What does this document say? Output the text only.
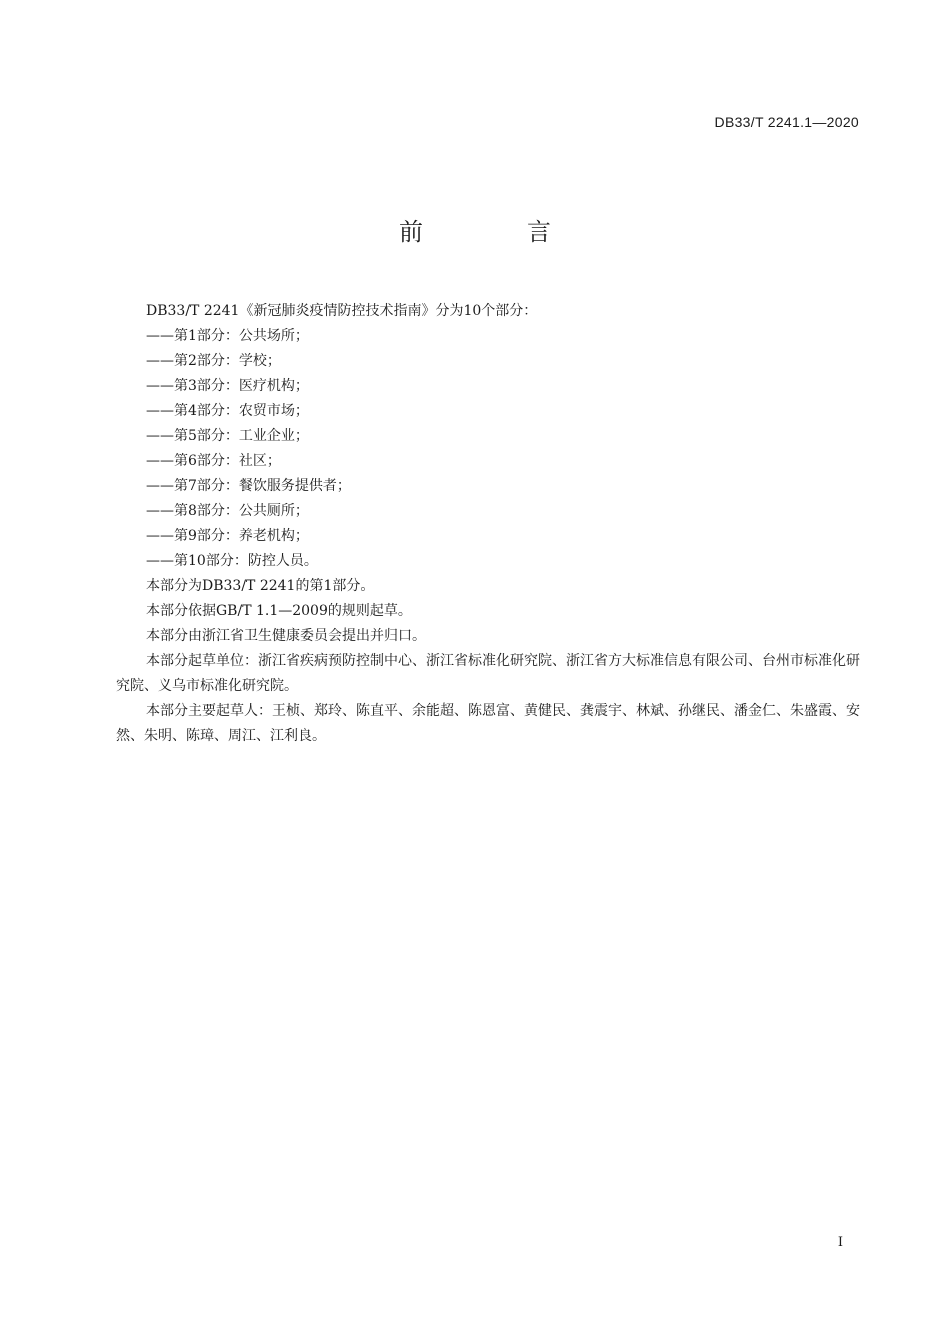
DB33/T 2241.1—2020
前　言

DB33/T 2241《新冠肺炎疫情防控技术指南》分为10个部分：

——第1部分：公共场所；

——第2部分：学校；

——第3部分：医疗机构；

——第4部分：农贸市场；

——第5部分：工业企业；

——第6部分：社区；

——第7部分：餐饮服务提供者；

——第8部分：公共厕所；

——第9部分：养老机构；

——第10部分：防控人员。

本部分为DB33/T 2241的第1部分。

本部分依据GB/T 1.1—2009的规则起草。

本部分由浙江省卫生健康委员会提出并归口。

本部分起草单位：浙江省疾病预防控制中心、浙江省标准化研究院、浙江省方大标准信息有限公司、台州市标准化研究院、义乌市标准化研究院。

本部分主要起草人：王桢、郑玲、陈直平、余能超、陈恩富、黄健民、龚震宇、林斌、孙继民、潘金仁、朱盛霞、安然、朱明、陈璋、周江、江利良。

I
